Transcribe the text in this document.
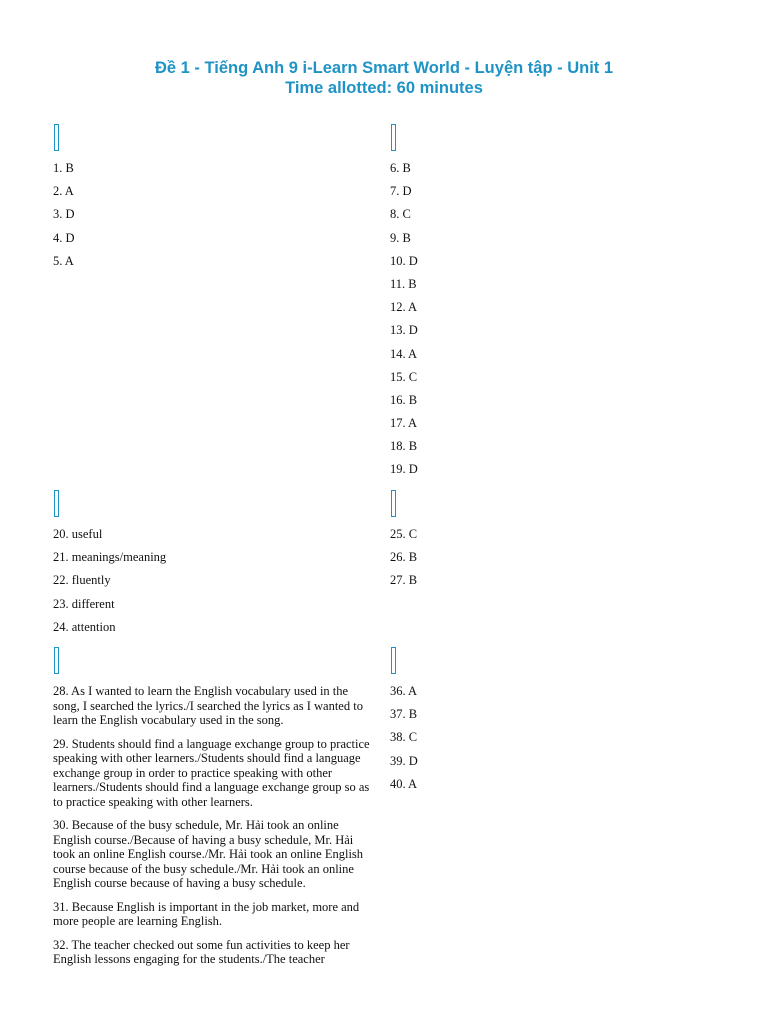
Đề 1 - Tiếng Anh 9 i-Learn Smart World - Luyện tập - Unit 1
Time allotted: 60 minutes
1. B
2. A
3. D
4. D
5. A
6. B
7. D
8. C
9. B
10. D
11. B
12. A
13. D
14. A
15. C
16. B
17. A
18. B
19. D
20. useful
21. meanings/meaning
22. fluently
23. different
24. attention
25. C
26. B
27. B
28. As I wanted to learn the English vocabulary used in the song, I searched the lyrics./I searched the lyrics as I wanted to learn the English vocabulary used in the song.
29. Students should find a language exchange group to practice speaking with other learners./Students should find a language exchange group in order to practice speaking with other learners./Students should find a language exchange group so as to practice speaking with other learners.
30. Because of the busy schedule, Mr. Hải took an online English course./Because of having a busy schedule, Mr. Hải took an online English course./Mr. Hải took an online English course because of the busy schedule./Mr. Hải took an online English course because of having a busy schedule.
31. Because English is important in the job market, more and more people are learning English.
32. The teacher checked out some fun activities to keep her English lessons engaging for the students./The teacher
36. A
37. B
38. C
39. D
40. A
